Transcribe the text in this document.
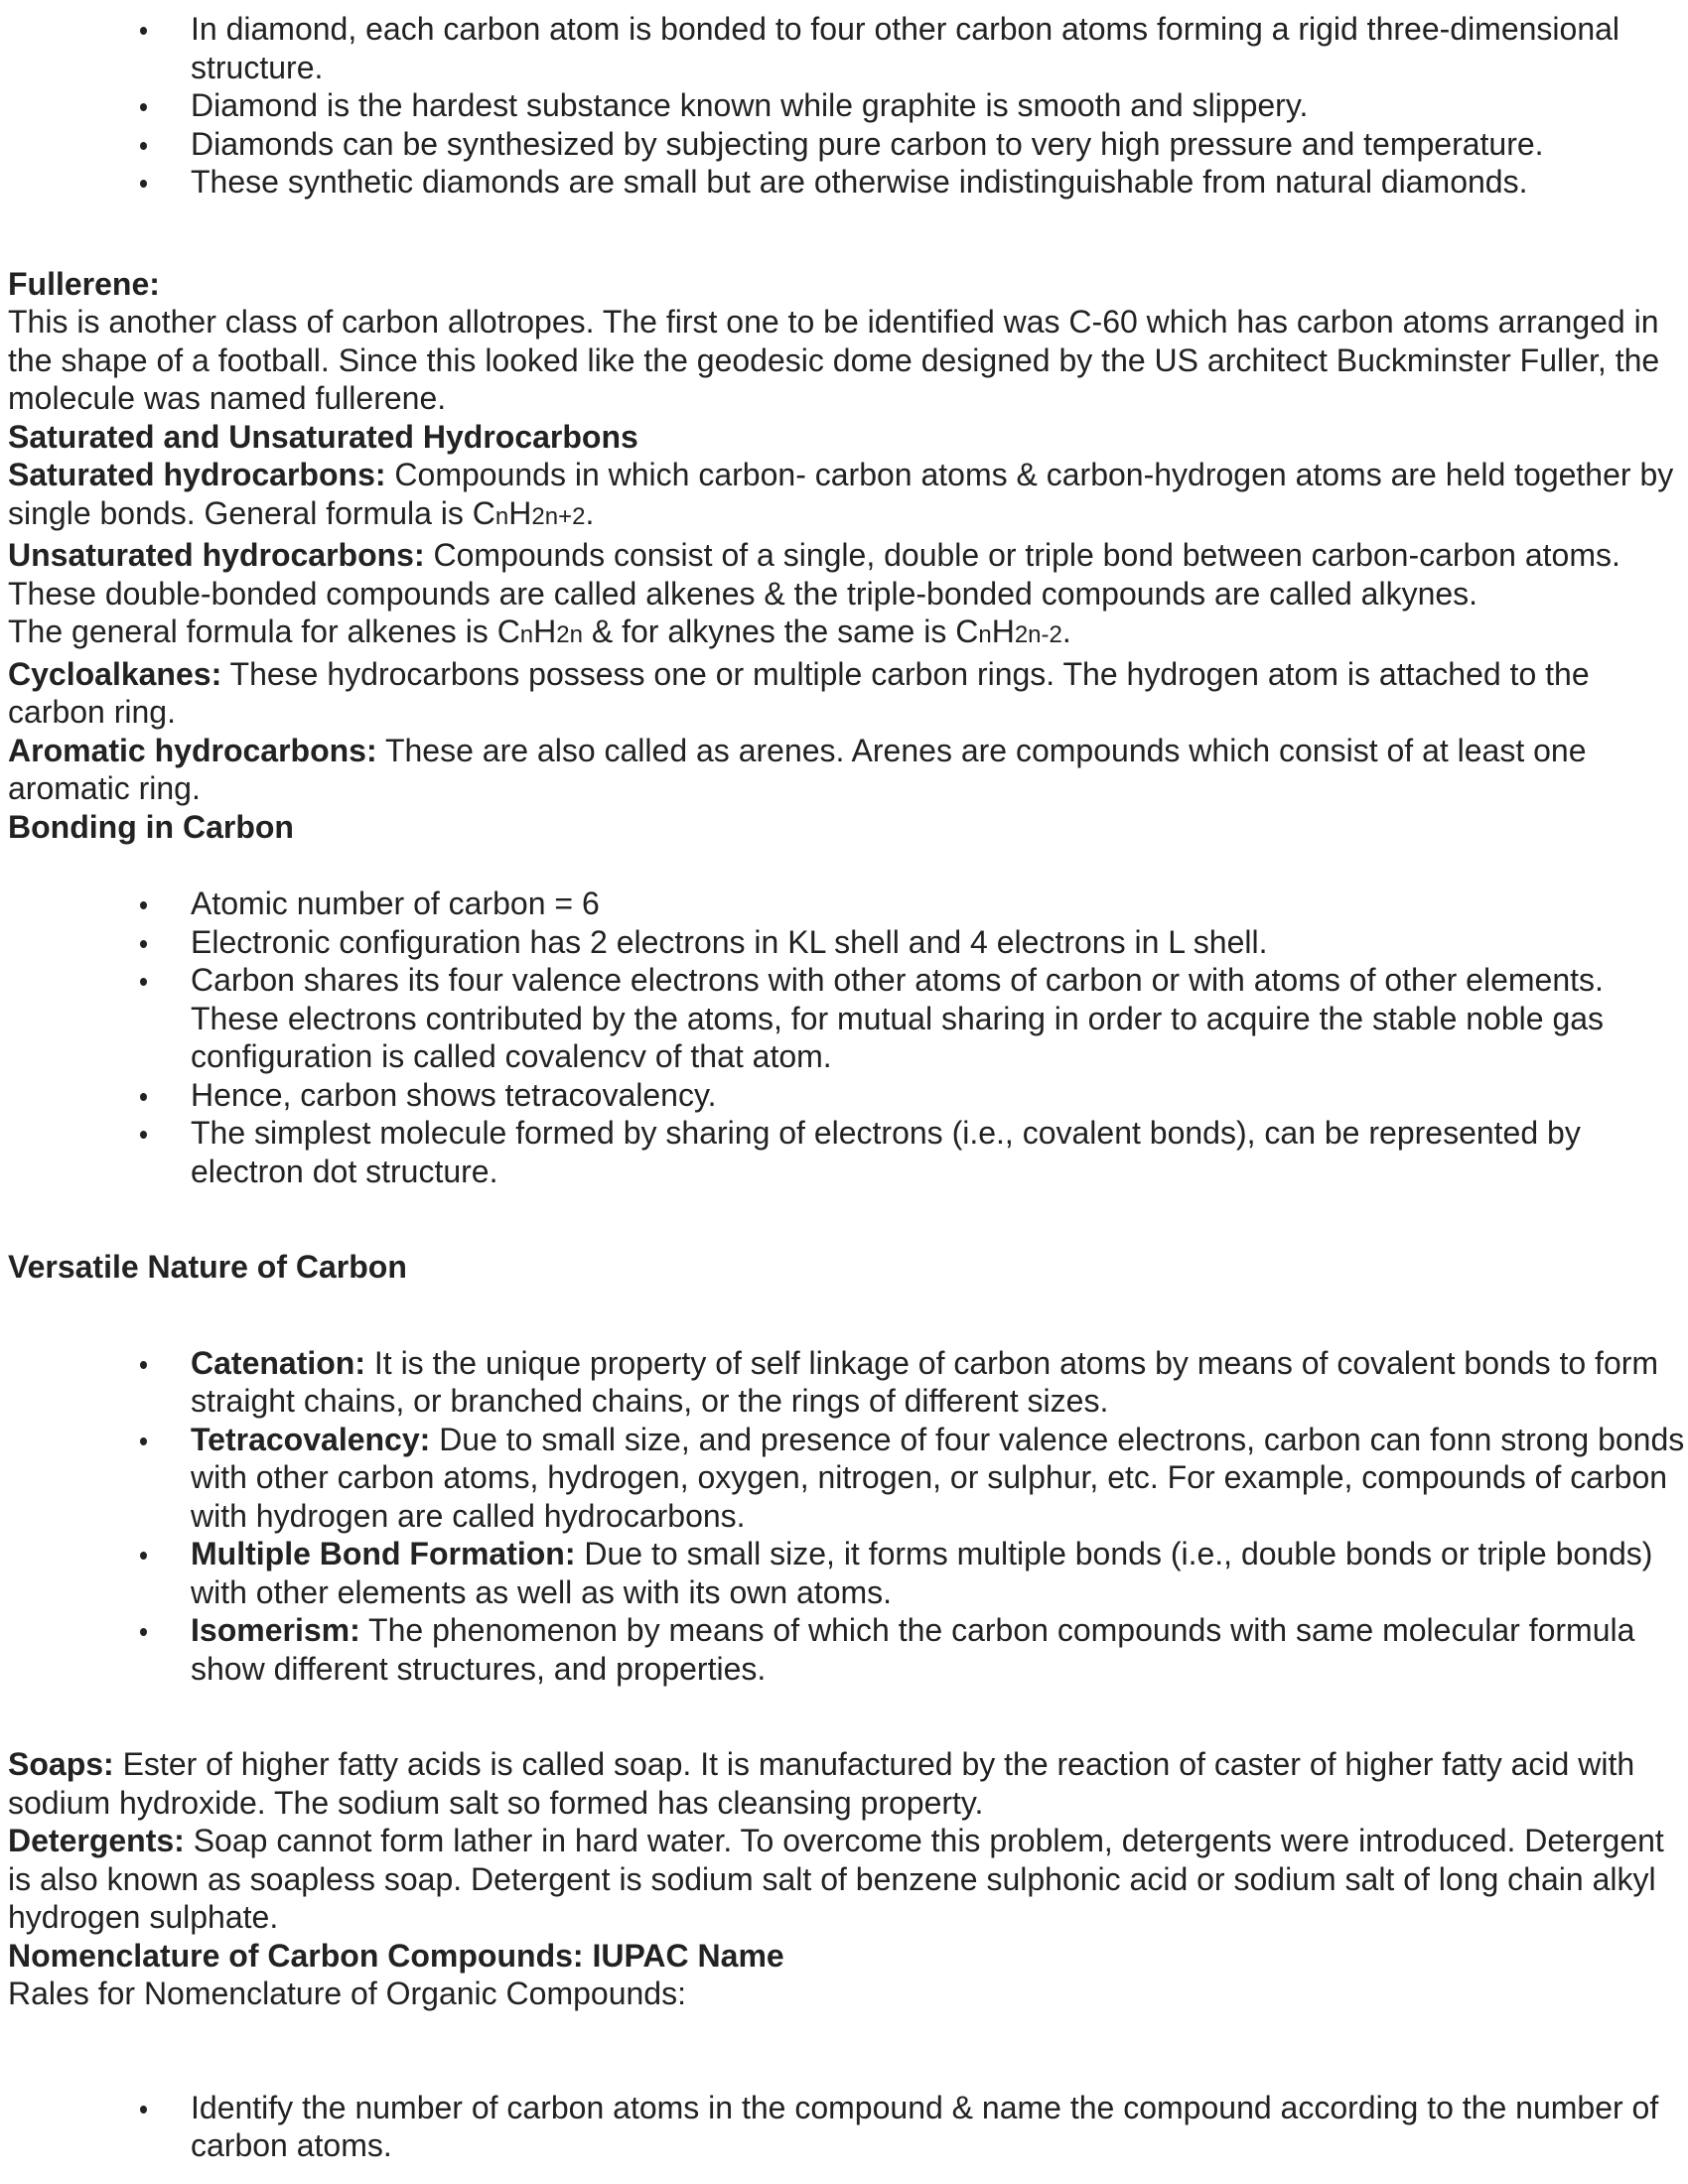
In diamond, each carbon atom is bonded to four other carbon atoms forming a rigid three-dimensional structure.
Diamond is the hardest substance known while graphite is smooth and slippery.
Diamonds can be synthesized by subjecting pure carbon to very high pressure and temperature.
These synthetic diamonds are small but are otherwise indistinguishable from natural diamonds.

Fullerene:

This is another class of carbon allotropes. The first one to be identified was C-60 which has carbon atoms arranged in the shape of a football. Since this looked like the geodesic dome designed by the US architect Buckminster Fuller, the molecule was named fullerene.

Saturated and Unsaturated Hydrocarbons

Saturated hydrocarbons: Compounds in which carbon- carbon atoms & carbon-hydrogen atoms are held together by single bonds. General formula is CnH2n+2.

Unsaturated hydrocarbons: Compounds consist of a single, double or triple bond between carbon-carbon atoms.

These double-bonded compounds are called alkenes & the triple-bonded compounds are called alkynes.

The general formula for alkenes is CnH2n & for alkynes the same is CnH2n-2.

Cycloalkanes: These hydrocarbons possess one or multiple carbon rings. The hydrogen atom is attached to the carbon ring.

Aromatic hydrocarbons: These are also called as arenes. Arenes are compounds which consist of at least one aromatic ring.

Bonding in Carbon

Atomic number of carbon = 6
Electronic configuration has 2 electrons in KL shell and 4 electrons in L shell.
Carbon shares its four valence electrons with other atoms of carbon or with atoms of other elements. These electrons contributed by the atoms, for mutual sharing in order to acquire the stable noble gas configuration is called covalencv of that atom.
Hence, carbon shows tetracovalency.
The simplest molecule formed by sharing of electrons (i.e., covalent bonds), can be represented by electron dot structure.

Versatile Nature of Carbon

Catenation: It is the unique property of self linkage of carbon atoms by means of covalent bonds to form straight chains, or branched chains, or the rings of different sizes.
Tetracovalency: Due to small size, and presence of four valence electrons, carbon can fonn strong bonds with other carbon atoms, hydrogen, oxygen, nitrogen, or sulphur, etc. For example, compounds of carbon with hydrogen are called hydrocarbons.
Multiple Bond Formation: Due to small size, it forms multiple bonds (i.e., double bonds or triple bonds) with other elements as well as with its own atoms.
Isomerism: The phenomenon by means of which the carbon compounds with same molecular formula show different structures, and properties.

Soaps: Ester of higher fatty acids is called soap. It is manufactured by the reaction of caster of higher fatty acid with sodium hydroxide. The sodium salt so formed has cleansing property.

Detergents: Soap cannot form lather in hard water. To overcome this problem, detergents were introduced. Detergent is also known as soapless soap. Detergent is sodium salt of benzene sulphonic acid or sodium salt of long chain alkyl hydrogen sulphate.

Nomenclature of Carbon Compounds: IUPAC Name

Rales for Nomenclature of Organic Compounds:

Identify the number of carbon atoms in the compound & name the compound according to the number of carbon atoms.
